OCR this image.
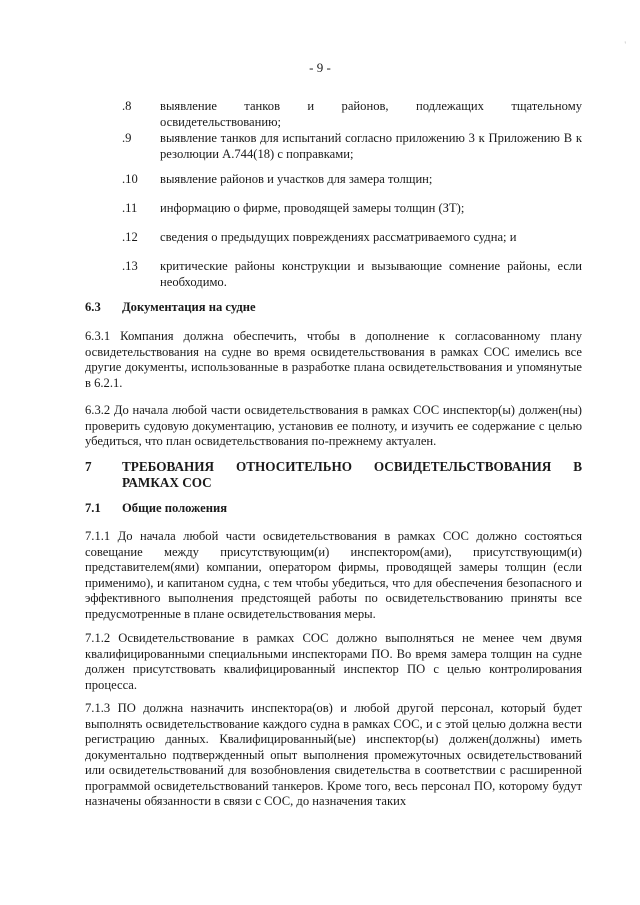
'
- 9 -
.8	выявление танков и районов, подлежащих тщательному освидетельствованию;
.9	выявление танков для испытаний согласно приложению 3 к Приложению В к резолюции A.744(18) с поправками;
.10	выявление районов и участков для замера толщин;
.11	информацию о фирме, проводящей замеры толщин (ЗТ);
.12	сведения о предыдущих повреждениях рассматриваемого судна; и
.13	критические районы конструкции и вызывающие сомнение районы, если необходимо.
6.3 Документация на судне
6.3.1 Компания должна обеспечить, чтобы в дополнение к согласованному плану освидетельствования на судне во время освидетельствования в рамках СОС имелись все другие документы, использованные в разработке плана освидетельствования и упомянутые в 6.2.1.
6.3.2 До начала любой части освидетельствования в рамках СОС инспектор(ы) должен(ны) проверить судовую документацию, установив ее полноту, и изучить ее содержание с целью убедиться, что план освидетельствования по-прежнему актуален.
7 ТРЕБОВАНИЯ ОТНОСИТЕЛЬНО ОСВИДЕТЕЛЬСТВОВАНИЯ В РАМКАХ СОС
7.1 Общие положения
7.1.1 До начала любой части освидетельствования в рамках СОС должно состояться совещание между присутствующим(и) инспектором(ами), присутствующим(и) представителем(ями) компании, оператором фирмы, проводящей замеры толщин (если применимо), и капитаном судна, с тем чтобы убедиться, что для обеспечения безопасного и эффективного выполнения предстоящей работы по освидетельствованию приняты все предусмотренные в плане освидетельствования меры.
7.1.2 Освидетельствование в рамках СОС должно выполняться не менее чем двумя квалифицированными специальными инспекторами ПО. Во время замера толщин на судне должен присутствовать квалифицированный инспектор ПО с целью контролирования процесса.
7.1.3 ПО должна назначить инспектора(ов) и любой другой персонал, который будет выполнять освидетельствование каждого судна в рамках СОС, и с этой целью должна вести регистрацию данных. Квалифицированный(ые) инспектор(ы) должен(должны) иметь документально подтвержденный опыт выполнения промежуточных освидетельствований или освидетельствований для возобновления свидетельства в соответствии с расширенной программой освидетельствований танкеров. Кроме того, весь персонал ПО, которому будут назначены обязанности в связи с СОС, до назначения таких
